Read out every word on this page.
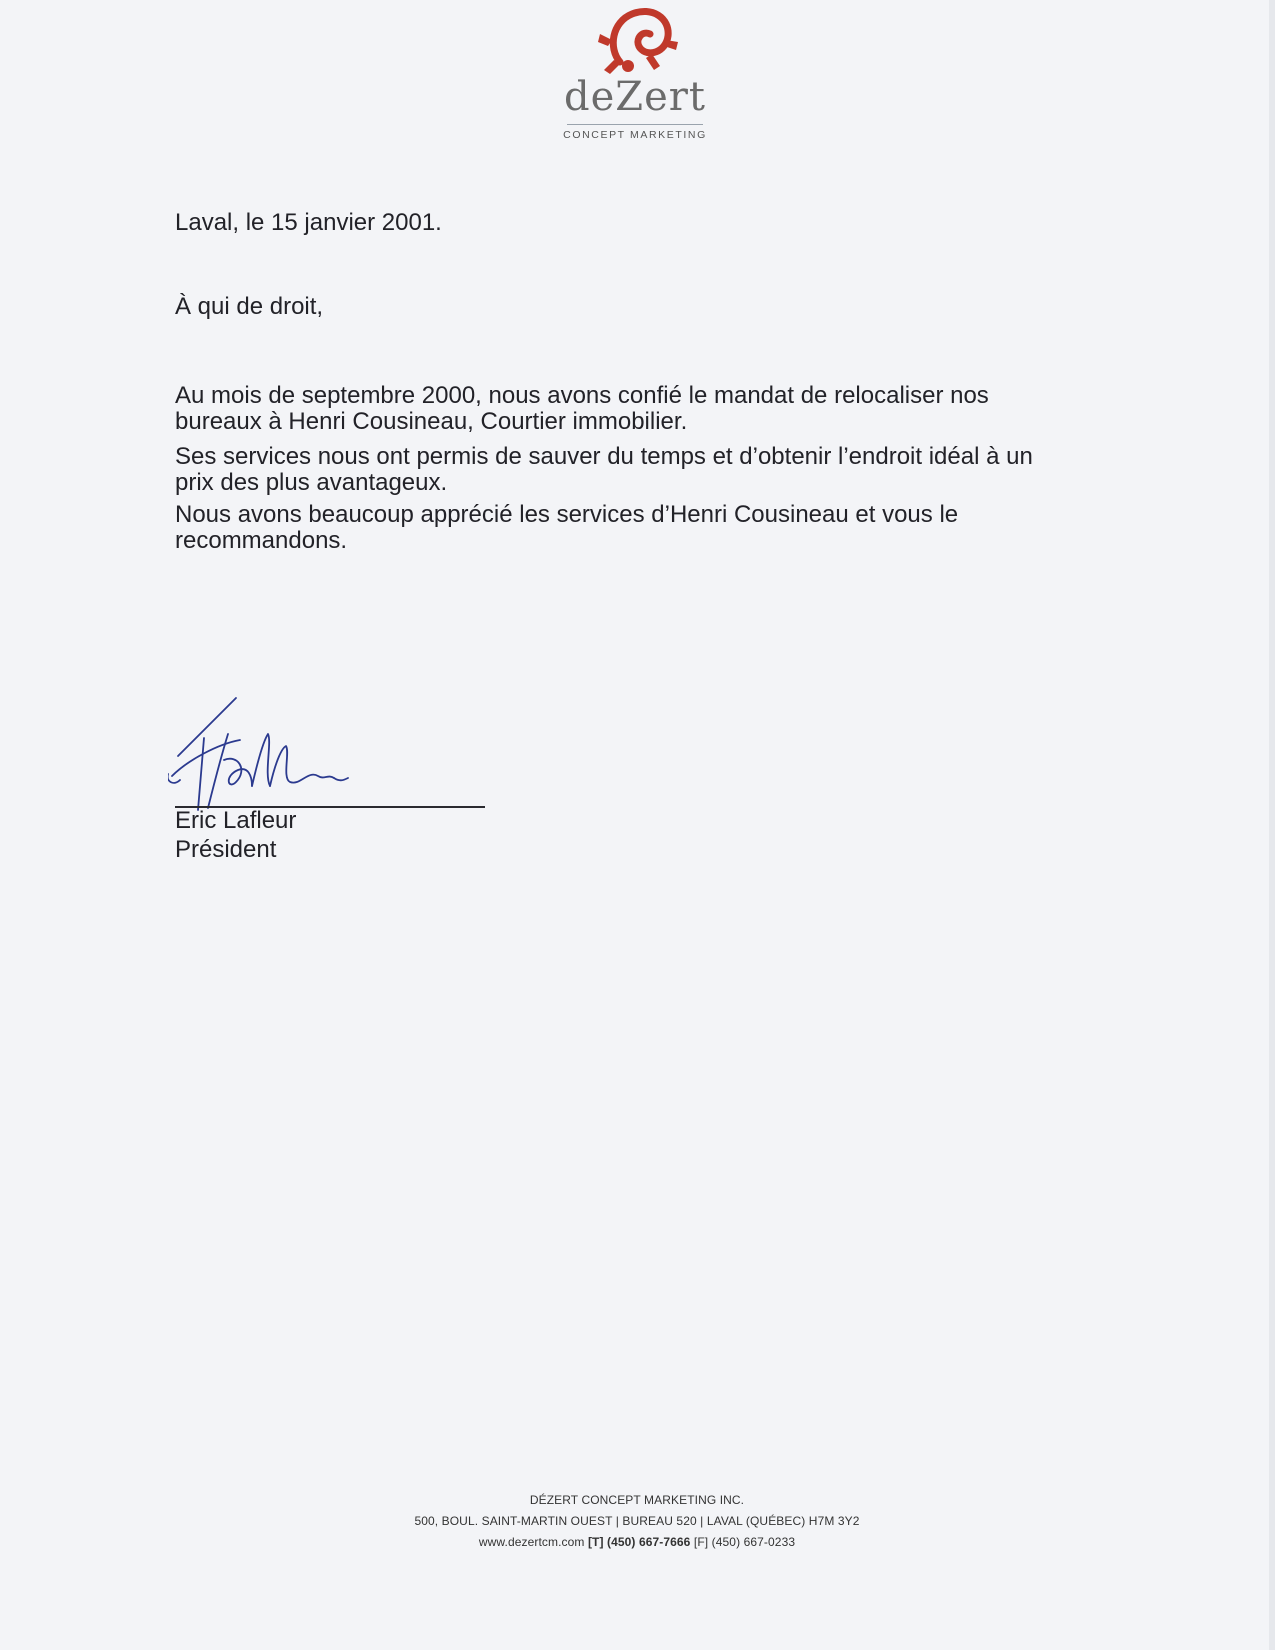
deZert
CONCEPT MARKETING
Laval, le 15 janvier 2001.
À qui de droit,
Au mois de septembre 2000, nous avons confié le mandat de relocaliser nos
bureaux à Henri Cousineau, Courtier immobilier.
Ses services nous ont permis de sauver du temps et d’obtenir l’endroit idéal à un
prix des plus avantageux.
Nous avons beaucoup apprécié les services d’Henri Cousineau et vous le
recommandons.
Eric Lafleur
Président
DÉZERT CONCEPT MARKETING INC.
500, BOUL. SAINT-MARTIN OUEST | BUREAU 520 | LAVAL (QUÉBEC) H7M 3Y2
www.dezertcm.com [T] (450) 667-7666 [F] (450) 667-0233
